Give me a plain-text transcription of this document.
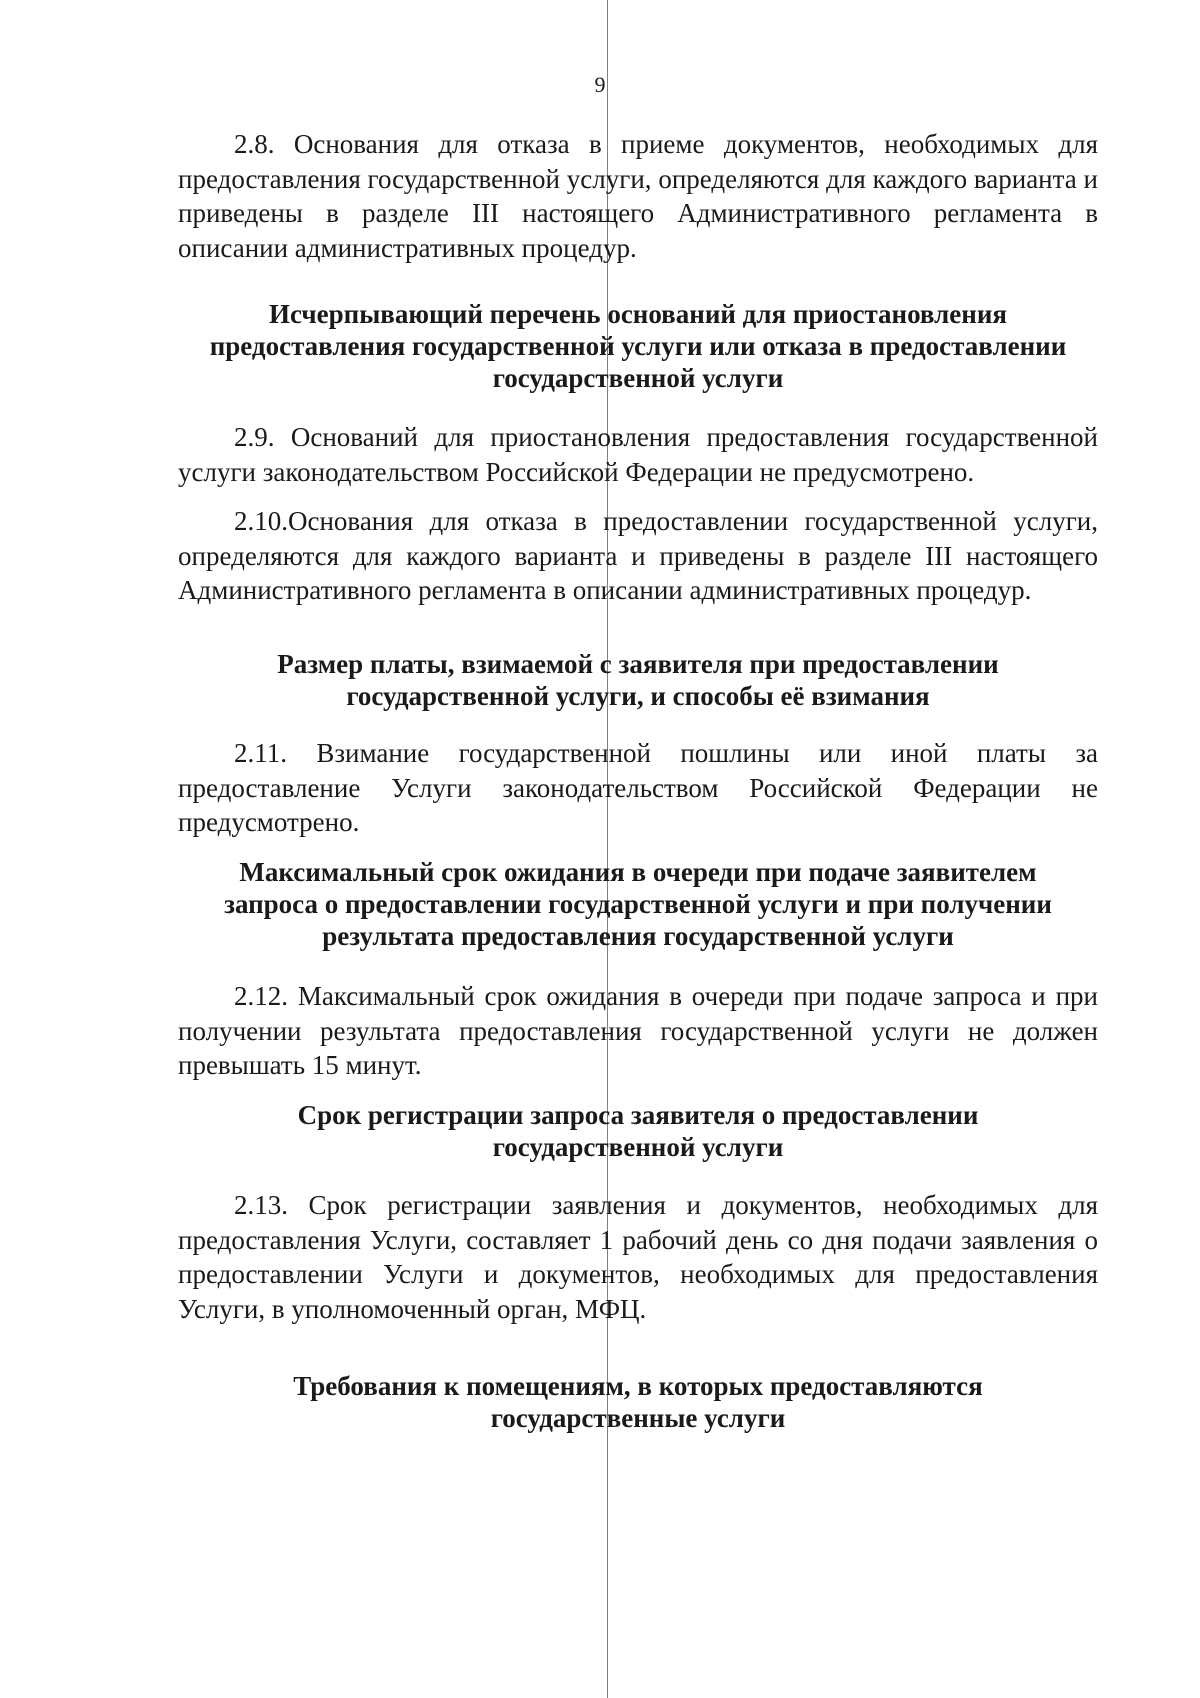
9

2.8. Основания для отказа в приеме документов, необходимых для предоставления государственной услуги, определяются для каждого варианта и приведены в разделе III настоящего Административного регламента в описании административных процедур.

Исчерпывающий перечень оснований для приостановления
предоставления государственной услуги или отказа в предоставлении
государственной услуги

2.9. Оснований для приостановления предоставления государственной услуги законодательством Российской Федерации не предусмотрено.

2.10.Основания для отказа в предоставлении государственной услуги, определяются для каждого варианта и приведены в разделе III настоящего Административного регламента в описании административных процедур.

Размер платы, взимаемой с заявителя при предоставлении
государственной услуги, и способы её взимания

2.11. Взимание государственной пошлины или иной платы за предоставление Услуги законодательством Российской Федерации не предусмотрено.

Максимальный срок ожидания в очереди при подаче заявителем
запроса о предоставлении государственной услуги и при получении
результата предоставления государственной услуги

2.12. Максимальный срок ожидания в очереди при подаче запроса и при получении результата предоставления государственной услуги не должен превышать 15 минут.

Срок регистрации запроса заявителя о предоставлении
государственной услуги

2.13. Срок регистрации заявления и документов, необходимых для предоставления Услуги, составляет 1 рабочий день со дня подачи заявления о предоставлении Услуги и документов, необходимых для предоставления Услуги, в уполномоченный орган, МФЦ.

Требования к помещениям, в которых предоставляются
государственные услуги
